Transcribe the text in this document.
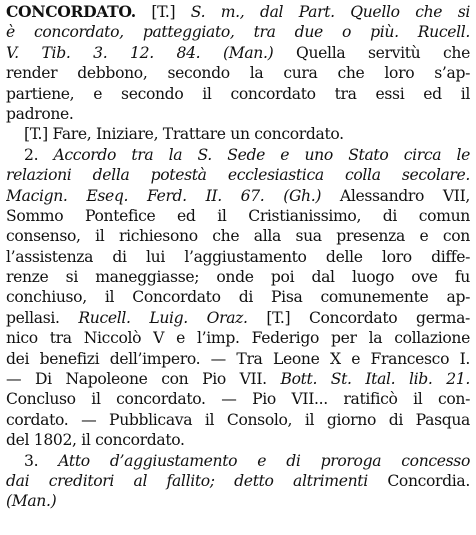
CONCORDATO. [T.] S. m., dal Part. Quello che si
è concordato, patteggiato, tra due o più. Rucell.
V. Tib. 3. 12. 84. (Man.) Quella servitù che
render debbono, secondo la cura che loro s’ap-
partiene, e secondo il concordato tra essi ed il
padrone.
[T.] Fare, Iniziare, Trattare un concordato.
2. Accordo tra la S. Sede e uno Stato circa le
relazioni della potestà ecclesiastica colla secolare.
Macign. Eseq. Ferd. II. 67. (Gh.) Alessandro VII,
Sommo Pontefice ed il Cristianissimo, di comun
consenso, il richiesono che alla sua presenza e con
l’assistenza di lui l’aggiustamento delle loro diffe-
renze si maneggiasse; onde poi dal luogo ove fu
conchiuso, il Concordato di Pisa comunemente ap-
pellasi. Rucell. Luig. Oraz. [T.] Concordato germa-
nico tra Niccolò V e l’imp. Federigo per la collazione
dei benefizi dell’impero. — Tra Leone X e Francesco I.
— Di Napoleone con Pio VII. Bott. St. Ital. lib. 21.
Concluso il concordato. — Pio VII... ratificò il con-
cordato. — Pubblicava il Consolo, il giorno di Pasqua
del 1802, il concordato.
3. Atto d’aggiustamento e di proroga concesso
dai creditori al fallito; detto altrimenti Concordia.
(Man.)
